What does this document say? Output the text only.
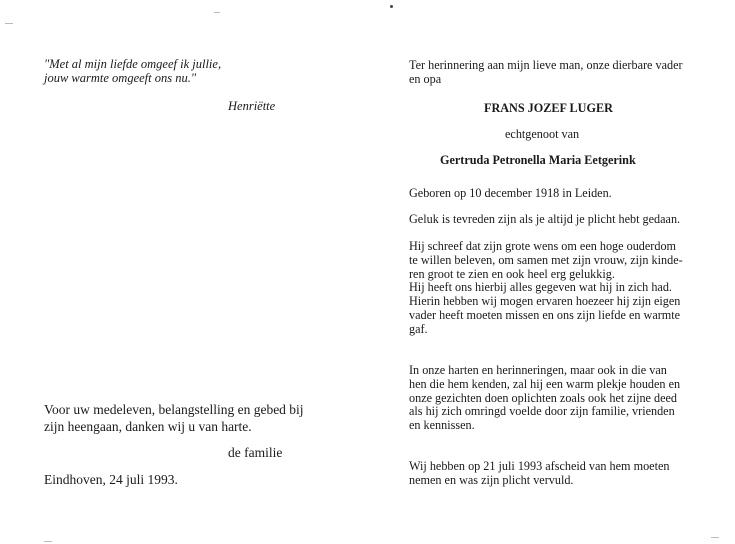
"Met al mijn liefde omgeef ik jullie,
jouw warmte omgeeft ons nu."
Henriëtte
Voor uw medeleven, belangstelling en gebed bij
zijn heengaan, danken wij u van harte.
de familie
Eindhoven, 24 juli 1993.
Ter herinnering aan mijn lieve man, onze dierbare vader
en opa
FRANS JOZEF LUGER
echtgenoot van
Gertruda Petronella Maria Eetgerink
Geboren op 10 december 1918 in Leiden.
Geluk is tevreden zijn als je altijd je plicht hebt gedaan.
Hij schreef dat zijn grote wens om een hoge ouderdom
te willen beleven, om samen met zijn vrouw, zijn kinde-
ren groot te zien en ook heel erg gelukkig.
Hij heeft ons hierbij alles gegeven wat hij in zich had.
Hierin hebben wij mogen ervaren hoezeer hij zijn eigen
vader heeft moeten missen en ons zijn liefde en warmte
gaf.
In onze harten en herinneringen, maar ook in die van
hen die hem kenden, zal hij een warm plekje houden en
onze gezichten doen oplichten zoals ook het zijne deed
als hij zich omringd voelde door zijn familie, vrienden
en kennissen.
Wij hebben op 21 juli 1993 afscheid van hem moeten
nemen en was zijn plicht vervuld.
